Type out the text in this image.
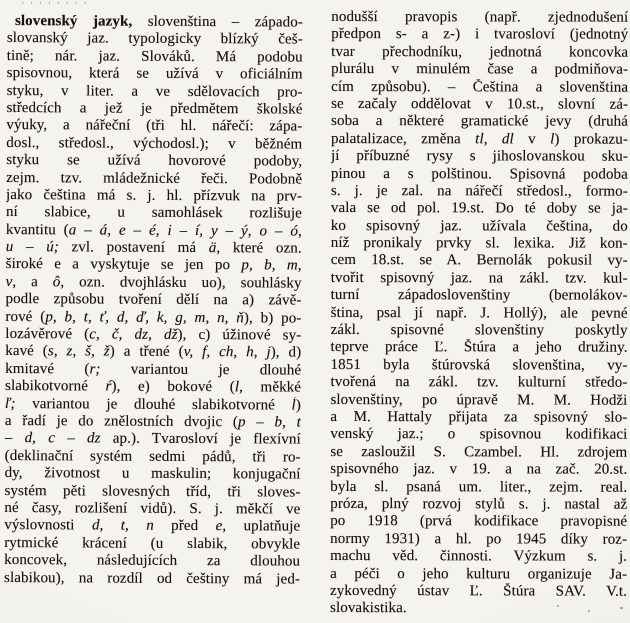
········
slovenský jazyk, slovenština – západo-
slovanský jaz. typologicky blízký češ-
tině; nár. jaz. Slováků. Má podobu
spisovnou, která se užívá v oficiálním
styku, v liter. a ve sdělovacích pro-
středcích a jež je předmětem školské
výuky, a nářeční (tři hl. nářečí: zápa-
dosl., středosl., východosl.); v běžném
styku se užívá hovorové podoby,
zejm. tzv. mládežnické řeči. Podobně
jako čeština má s. j. hl. přízvuk na prv-
ní slabice, u samohlásek rozlišuje
kvantitu (a – á, e – é, i – í, y – ý, o – ó,
u – ú; zvl. postavení má ä, které ozn.
široké e a vyskytuje se jen po p, b, m,
v, a ô, ozn. dvojhlásku uo), souhlásky
podle způsobu tvoření dělí na a) závě-
rové (p, b, t, ť, d, ď, k, g, m, n, ň), b) po-
lozávěrové (c, č, dz, dž), c) úžinové sy-
kavé (s, z, š, ž) a třené (v, f, ch, h, j), d)
kmitavé (r; variantou je dlouhé
slabikotvorné ŕ), e) bokové (l, měkké
ľ; variantou je dlouhé slabikotvorné ĺ)
a řadí je do znělostních dvojic (p – b, t
– d, c – dz ap.). Tvarosloví je flexívní
(deklinační systém sedmi pádů, tři ro-
dy, životnost u maskulin; konjugační
systém pěti slovesných tříd, tři sloves-
né časy, rozlišení vidů). S. j. měkčí ve
výslovnosti d, t, n před e, uplatňuje
rytmické krácení (u slabik, obvykle
koncovek, následujících za dlouhou
slabikou), na rozdíl od češtiny má jed-
nodušší pravopis (např. zjednodušení
předpon s- a z-) i tvarosloví (jednotný
tvar přechodníku, jednotná koncovka
plurálu v minulém čase a podmiňova-
cím způsobu). – Čeština a slovenština
se začaly oddělovat v 10.st., slovní zá-
soba a některé gramatické jevy (druhá
palatalizace, změna tl, dl v l) prokazu-
jí příbuzné rysy s jihoslovanskou sku-
pinou a s polštinou. Spisovná podoba
s. j. je zal. na nářečí středosl., formo-
vala se od pol. 19.st. Do té doby se ja-
ko spisovný jaz. užívala čeština, do
níž pronikaly prvky sl. lexika. Již kon-
cem 18.st. se A. Bernolák pokusil vy-
tvořit spisovný jaz. na zákl. tzv. kul-
turní západoslovenštiny (bernolákov-
ština, psal jí např. J. Hollý), ale pevné
zákl. spisovné slovenštiny poskytly
teprve práce Ľ. Štúra a jeho družiny.
1851 byla štúrovská slovenština, vy-
tvořená na zákl. tzv. kulturní středo-
slovenštiny, po úpravě M. M. Hodži
a M. Hattaly přijata za spisovný slo-
venský jaz.; o spisovnou kodifikaci
se zasloužil S. Czambel. Hl. zdrojem
spisovného jaz. v 19. a na zač. 20.st.
byla sl. psaná um. liter., zejm. real.
próza, plný rozvoj stylů s. j. nastal až
po 1918 (prvá kodifikace pravopisné
normy 1931) a hl. po 1945 díky roz-
machu věd. činnosti. Výzkum s. j.
a péči o jeho kulturu organizuje Ja-
zykovedný ústav Ľ. Štúra SAV. V.t.
slovakistika.
